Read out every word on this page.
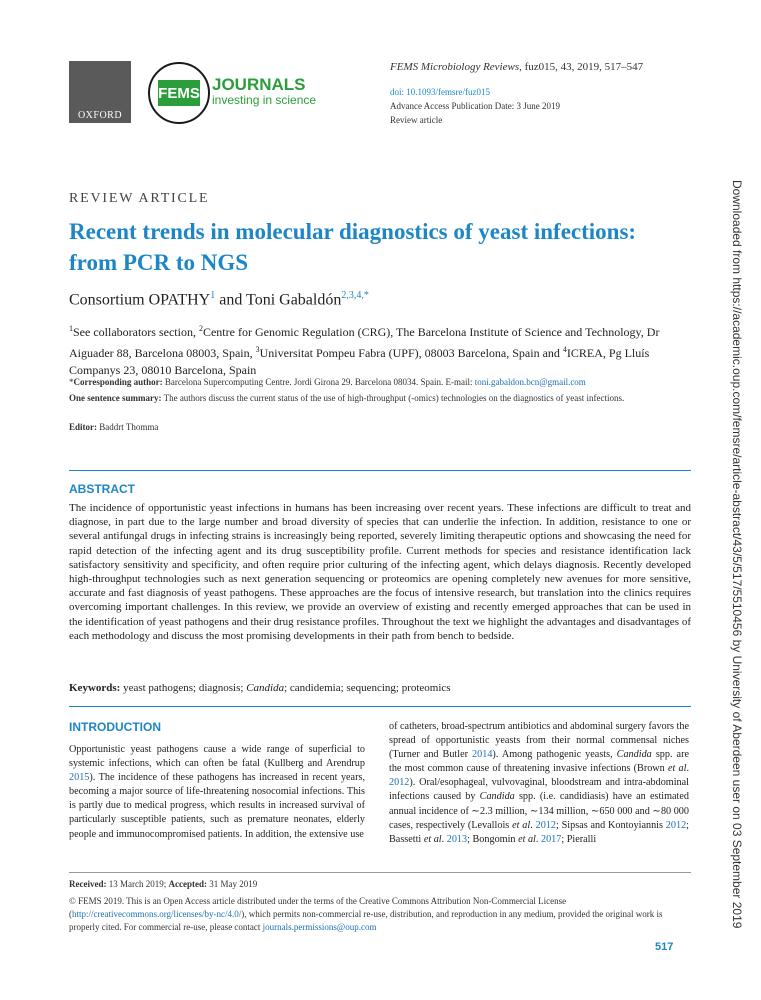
OXFORD
FEMS JOURNALS
investing in science
FEMS Microbiology Reviews, fuz015, 43, 2019, 517–547
doi: 10.1093/femsre/fuz015
Advance Access Publication Date: 3 June 2019
Review article
REVIEW ARTICLE
Recent trends in molecular diagnostics of yeast infections: from PCR to NGS
Consortium OPATHY$^1$ and Toni Gabaldón$^{2,3,4,*}$
$^1$See collaborators section, $^2$Centre for Genomic Regulation (CRG), The Barcelona Institute of Science and Technology, Dr Aiguader 88, Barcelona 08003, Spain, $^3$Universitat Pompeu Fabra (UPF), 08003 Barcelona, Spain and $^4$ICREA, Pg Lluís Companys 23, 08010 Barcelona, Spain
*Corresponding author: Barcelona Supercomputing Centre. Jordi Girona 29. Barcelona 08034. Spain. E-mail: toni.gabaldon.bcn@gmail.com
One sentence summary: The authors discuss the current status of the use of high-throughput (-omics) technologies on the diagnostics of yeast infections.
Editor: Baddrt Thomma
ABSTRACT
The incidence of opportunistic yeast infections in humans has been increasing over recent years. These infections are difficult to treat and diagnose, in part due to the large number and broad diversity of species that can underlie the infection. In addition, resistance to one or several antifungal drugs in infecting strains is increasingly being reported, severely limiting therapeutic options and showcasing the need for rapid detection of the infecting agent and its drug susceptibility profile. Current methods for species and resistance identification lack satisfactory sensitivity and specificity, and often require prior culturing of the infecting agent, which delays diagnosis. Recently developed high-throughput technologies such as next generation sequencing or proteomics are opening completely new avenues for more sensitive, accurate and fast diagnosis of yeast pathogens. These approaches are the focus of intensive research, but translation into the clinics requires overcoming important challenges. In this review, we provide an overview of existing and recently emerged approaches that can be used in the identification of yeast pathogens and their drug resistance profiles. Throughout the text we highlight the advantages and disadvantages of each methodology and discuss the most promising developments in their path from bench to bedside.
Keywords: yeast pathogens; diagnosis; Candida; candidemia; sequencing; proteomics
INTRODUCTION
Opportunistic yeast pathogens cause a wide range of superficial to systemic infections, which can often be fatal (Kullberg and Arendrup 2015). The incidence of these pathogens has increased in recent years, becoming a major source of life-threatening nosocomial infections. This is partly due to medical progress, which results in increased survival of particularly susceptible patients, such as premature neonates, elderly people and immunocompromised patients. In addition, the extensive use
of catheters, broad-spectrum antibiotics and abdominal surgery favors the spread of opportunistic yeasts from their normal commensal niches (Turner and Butler 2014). Among pathogenic yeasts, Candida spp. are the most common cause of threatening invasive infections (Brown et al. 2012). Oral/esophageal, vulvovaginal, bloodstream and intra-abdominal infections caused by Candida spp. (i.e. candidiasis) have an estimated annual incidence of ∼2.3 million, ∼134 million, ∼650 000 and ∼80 000 cases, respectively (Levallois et al. 2012; Sipsas and Kontoyiannis 2012; Bassetti et al. 2013; Bongomin et al. 2017; Pieralli
Received: 13 March 2019; Accepted: 31 May 2019
© FEMS 2019. This is an Open Access article distributed under the terms of the Creative Commons Attribution Non-Commercial License (http://creativecommons.org/licenses/by-nc/4.0/), which permits non-commercial re-use, distribution, and reproduction in any medium, provided the original work is properly cited. For commercial re-use, please contact journals.permissions@oup.com
517
Downloaded from https://academic.oup.com/femsre/article-abstract/43/5/517/5510456 by University of Aberdeen user on 03 September 2019
